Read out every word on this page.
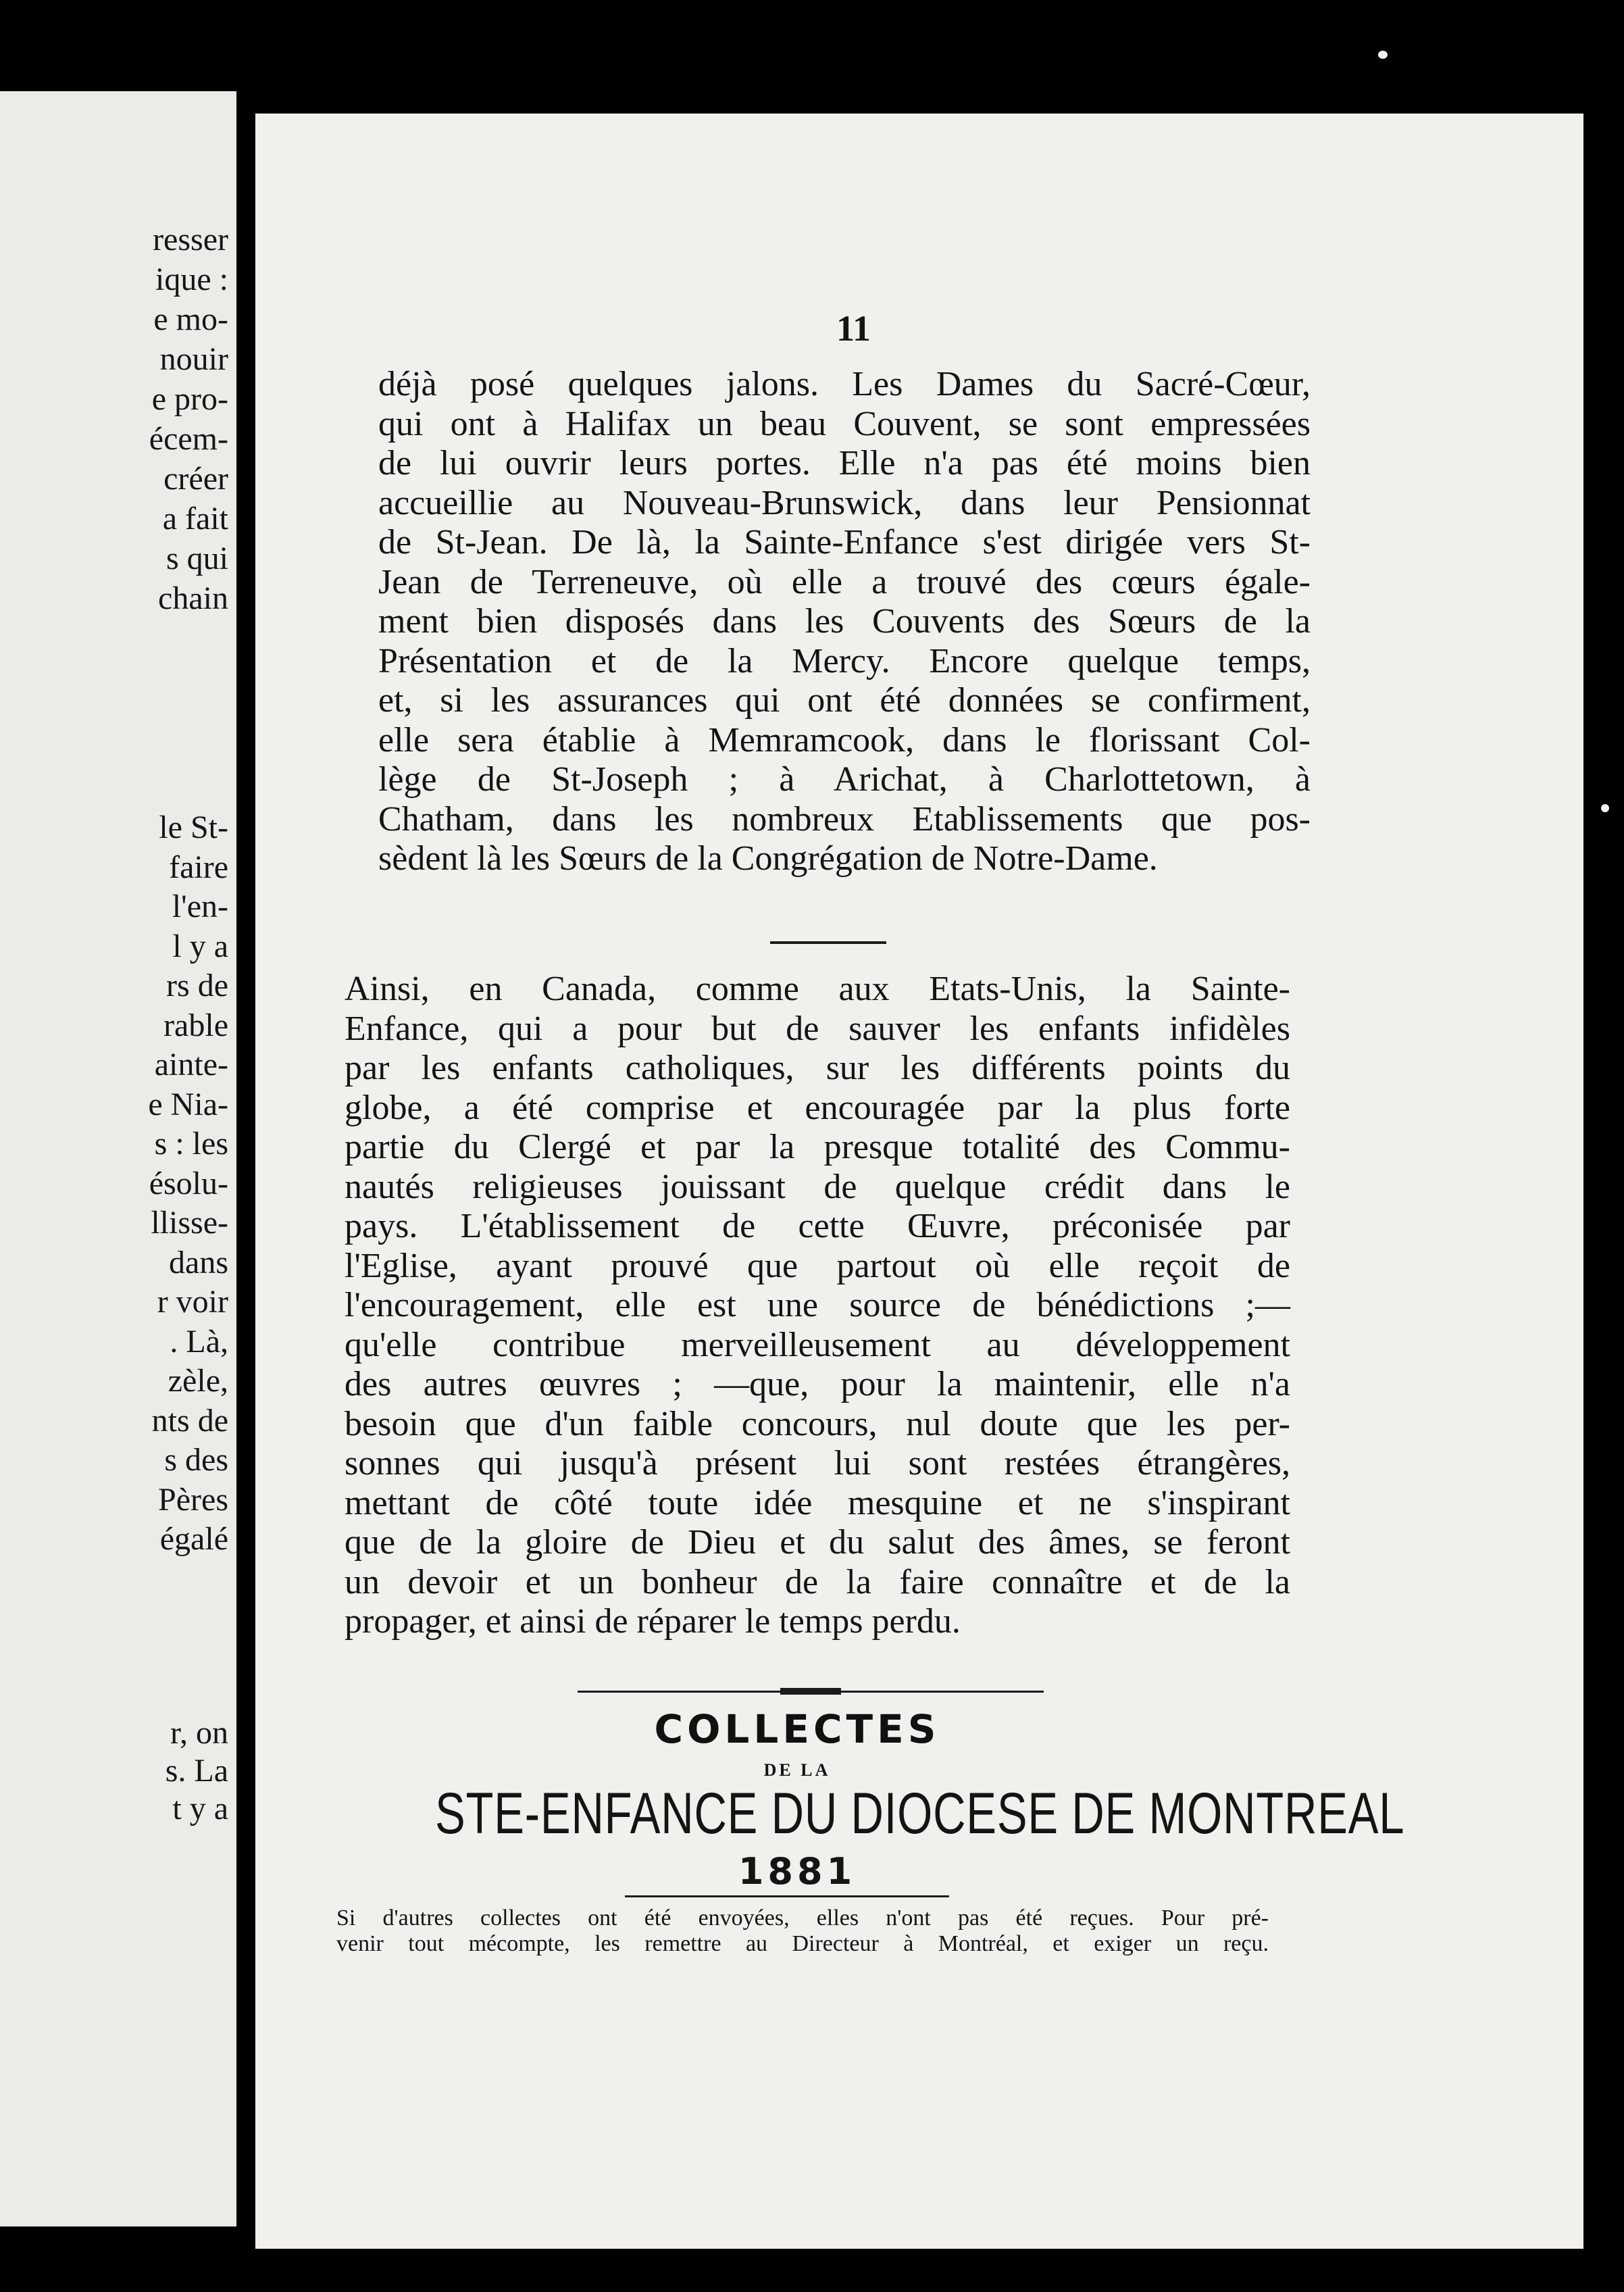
resser
ique :
e mo-
nouir
e pro-
écem-
créer
a fait
s qui
chain
le St-
faire
l'en-
l y a
rs de
rable
ainte-
e Nia-
s : les
ésolu-
llisse-
dans
r voir
. Là,
zèle,
nts de
s des
Pères
égalé
r, on
s. La
t y a
11
déjà posé quelques jalons. Les Dames du Sacré-Cœur,
qui ont à Halifax un beau Couvent, se sont empressées
de lui ouvrir leurs portes. Elle n'a pas été moins bien
accueillie au Nouveau-Brunswick, dans leur Pensionnat
de St-Jean. De là, la Sainte-Enfance s'est dirigée vers St-
Jean de Terreneuve, où elle a trouvé des cœurs égale-
ment bien disposés dans les Couvents des Sœurs de la
Présentation et de la Mercy. Encore quelque temps,
et, si les assurances qui ont été données se confirment,
elle sera établie à Memramcook, dans le florissant Col-
lège de St-Joseph ; à Arichat, à Charlottetown, à
Chatham, dans les nombreux Etablissements que pos-
sèdent là les Sœurs de la Congrégation de Notre-Dame.
Ainsi, en Canada, comme aux Etats-Unis, la Sainte-
Enfance, qui a pour but de sauver les enfants infidèles
par les enfants catholiques, sur les différents points du
globe, a été comprise et encouragée par la plus forte
partie du Clergé et par la presque totalité des Commu-
nautés religieuses jouissant de quelque crédit dans le
pays. L'établissement de cette Œuvre, préconisée par
l'Eglise, ayant prouvé que partout où elle reçoit de
l'encouragement, elle est une source de bénédictions ;—
qu'elle contribue merveilleusement au développement
des autres œuvres ; —que, pour la maintenir, elle n'a
besoin que d'un faible concours, nul doute que les per-
sonnes qui jusqu'à présent lui sont restées étrangères,
mettant de côté toute idée mesquine et ne s'inspirant
que de la gloire de Dieu et du salut des âmes, se feront
un devoir et un bonheur de la faire connaître et de la
propager, et ainsi de réparer le temps perdu.
COLLECTES
DE LA
STE-ENFANCE DU DIOCESE DE MONTREAL
1881
Si d'autres collectes ont été envoyées, elles n'ont pas été reçues. Pour pré-
venir tout mécompte, les remettre au Directeur à Montréal, et exiger un reçu.
